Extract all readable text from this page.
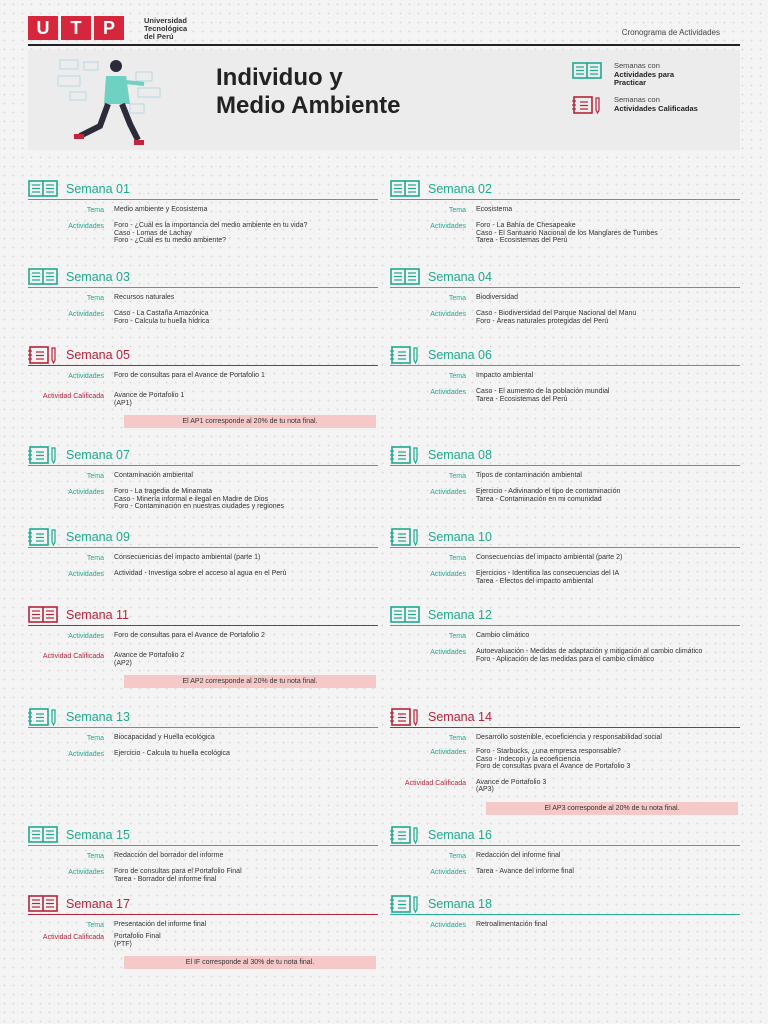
U	T	P	Universidad
Tecnológica
del Perú	Cronograma de Actividades
Individuo y
Medio Ambiente
Semanas con
Actividades para
Practicar
Semanas con
Actividades Calificadas
Semana 01
Tema	Medio ambiente y Ecosistema
Actividades	Foro - ¿Cuál es la importancia del medio ambiente en tu vida?
Caso - Lomas de Lachay
Foro - ¿Cuál es tu medio ambiente?
Semana 02
Tema	Ecosistema
Actividades	Foro - La Bahía de Chesapeake
Caso - El Santuario Nacional de los Manglares de Tumbes
Tarea - Ecosistemas del Perú
Semana 03
Tema	Recursos naturales
Actividades	Caso - La Castaña Amazónica
Foro - Calcula tu huella hídrica
Semana 04
Tema	Biodiversidad
Actividades	Caso - Biodiversidad del Parque Nacional del Manu
Foro - Áreas naturales protegidas del Perú
Semana 05
Actividades	Foro de consultas para el Avance de Portafolio 1
Actividad Calificada	Avance de Portafolio 1
(AP1)
El AP1 corresponde al 20% de tu nota final.
Semana 06
Tema	Impacto ambiental
Actividades	Caso - El aumento de la población mundial
Tarea - Ecosistemas del Perú
Semana 07
Tema	Contaminación ambiental
Actividades	Foro - La tragedia de Minamata
Caso - Minería informal e ilegal en Madre de Dios
Foro - Contaminación en nuestras ciudades y regiones
Semana 08
Tema	Tipos de contaminación ambiental
Actividades	Ejercicio - Adivinando el tipo de contaminación
Tarea - Contaminación en mi comunidad
Semana 09
Tema	Consecuencias del impacto ambiental (parte 1)
Actividades	Actividad - Investiga sobre el acceso al agua en el Perú
Semana 10
Tema	Consecuencias del impacto ambiental (parte 2)
Actividades	Ejercicios - Identifica las consecuencias del IA
Tarea - Efectos del impacto ambiental
Semana 11
Actividades	Foro de consultas para el Avance de Portafolio 2
Actividad Calificada	Avance de Portafolio 2
(AP2)
El AP2 corresponde al 20% de tu nota final.
Semana 12
Tema	Cambio climático
Actividades	Autoevaluación - Medidas de adaptación y mitigación al cambio climático
Foro - Aplicación de las medidas para el cambio climático
Semana 13
Tema	Biocapacidad y Huella ecológica
Actividades	Ejercicio - Calcula tu huella ecológica
Semana 14
Tema	Desarrollo sostenible, ecoeficiencia y responsabilidad social
Actividades	Foro - Starbucks, ¿una empresa responsable?
Caso - Indecopi y la ecoeficiencia
Foro de consultas pvara el Avance de Portafolio 3
Actividad Calificada	Avance de Portafolio 3
(AP3)
El AP3 corresponde al 20% de tu nota final.
Semana 15
Tema	Redacción del borrador del informe
Actividades	Foro de consultas para el Portafolio Final
Tarea - Borrador del informe final
Semana 16
Tema	Redacción del informe final
Actividades	Tarea - Avance del informe final
Semana 17
Tema	Presentación del informe final
Actividad Calificada	Portafolio Final
(PTF)
El IF corresponde al 30% de tu nota final.
Semana 18
Actividades	Retroalimentación final
